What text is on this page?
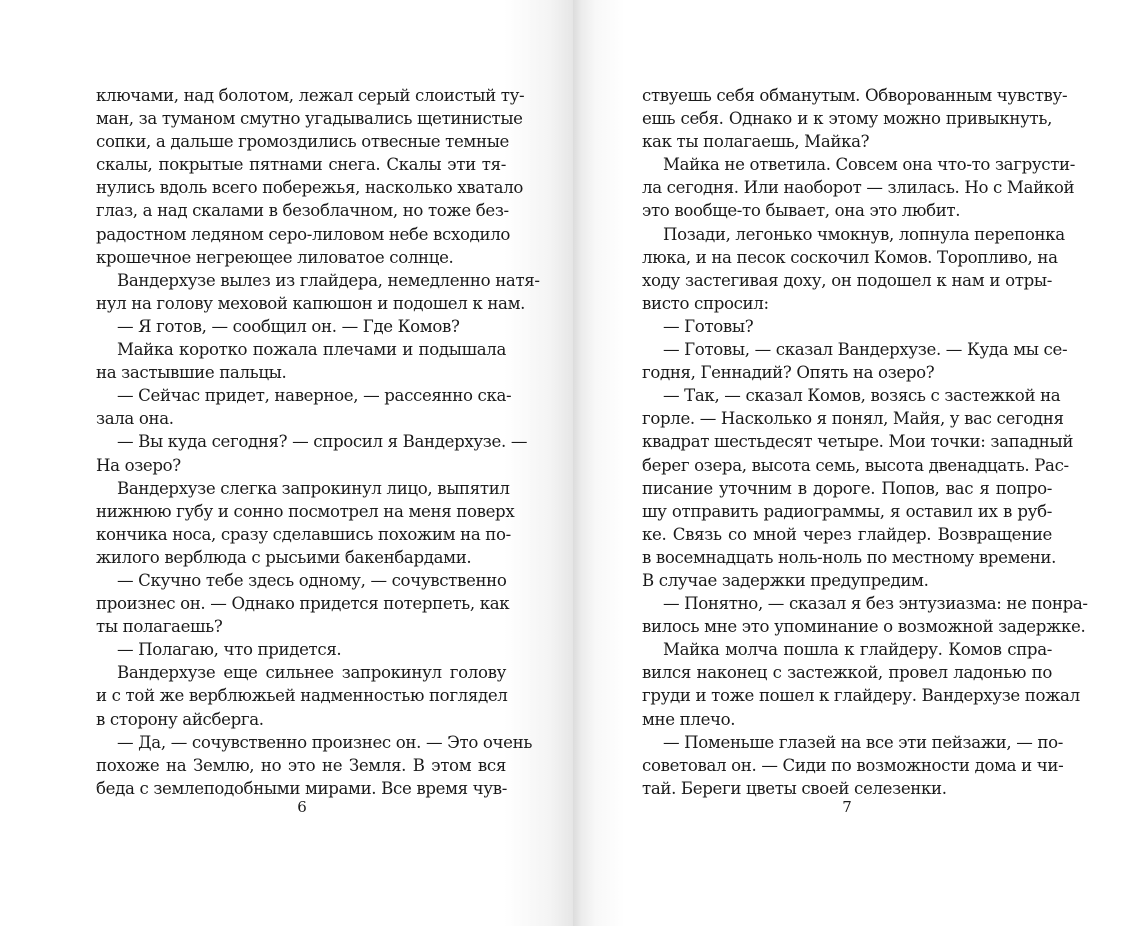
ключами, над болотом, лежал серый слоистый ту-
ман, за туманом смутно угадывались щетинистые
сопки, а дальше громоздились отвесные темные
скалы, покрытые пятнами снега. Скалы эти тя-
нулись вдоль всего побережья, насколько хватало
глаз, а над скалами в безоблачном, но тоже без-
радостном ледяном серо-лиловом небе всходило
крошечное негреющее лиловатое солнце.
Вандерхузе вылез из глайдера, немедленно натя-
нул на голову меховой капюшон и подошел к нам.
— Я готов, — сообщил он. — Где Комов?
Майка коротко пожала плечами и подышала
на застывшие пальцы.
— Сейчас придет, наверное, — рассеянно ска-
зала она.
— Вы куда сегодня? — спросил я Вандерхузе. —
На озеро?
Вандерхузе слегка запрокинул лицо, выпятил
нижнюю губу и сонно посмотрел на меня поверх
кончика носа, сразу сделавшись похожим на по-
жилого верблюда с рысьими бакенбардами.
— Скучно тебе здесь одному, — сочувственно
произнес он. — Однако придется потерпеть, как
ты полагаешь?
— Полагаю, что придется.
Вандерхузе еще сильнее запрокинул голову
и с той же верблюжьей надменностью поглядел
в сторону айсберга.
— Да, — сочувственно произнес он. — Это очень
похоже на Землю, но это не Земля. В этом вся
беда с землеподобными мирами. Все время чув-
6
ствуешь себя обманутым. Обворованным чувству-
ешь себя. Однако и к этому можно привыкнуть,
как ты полагаешь, Майка?
Майка не ответила. Совсем она что-то загрусти-
ла сегодня. Или наоборот — злилась. Но с Майкой
это вообще-то бывает, она это любит.
Позади, легонько чмокнув, лопнула перепонка
люка, и на песок соскочил Комов. Торопливо, на
ходу застегивая доху, он подошел к нам и отры-
висто спросил:
— Готовы?
— Готовы, — сказал Вандерхузе. — Куда мы се-
годня, Геннадий? Опять на озеро?
— Так, — сказал Комов, возясь с застежкой на
горле. — Насколько я понял, Майя, у вас сегодня
квадрат шестьдесят четыре. Мои точки: западный
берег озера, высота семь, высота двенадцать. Рас-
писание уточним в дороге. Попов, вас я попро-
шу отправить радиограммы, я оставил их в руб-
ке. Связь со мной через глайдер. Возвращение
в восемнадцать ноль-ноль по местному времени.
В случае задержки предупредим.
— Понятно, — сказал я без энтузиазма: не понра-
вилось мне это упоминание о возможной задержке.
Майка молча пошла к глайдеру. Комов спра-
вился наконец с застежкой, провел ладонью по
груди и тоже пошел к глайдеру. Вандерхузе пожал
мне плечо.
— Поменьше глазей на все эти пейзажи, — по-
советовал он. — Сиди по возможности дома и чи-
тай. Береги цветы своей селезенки.
7
